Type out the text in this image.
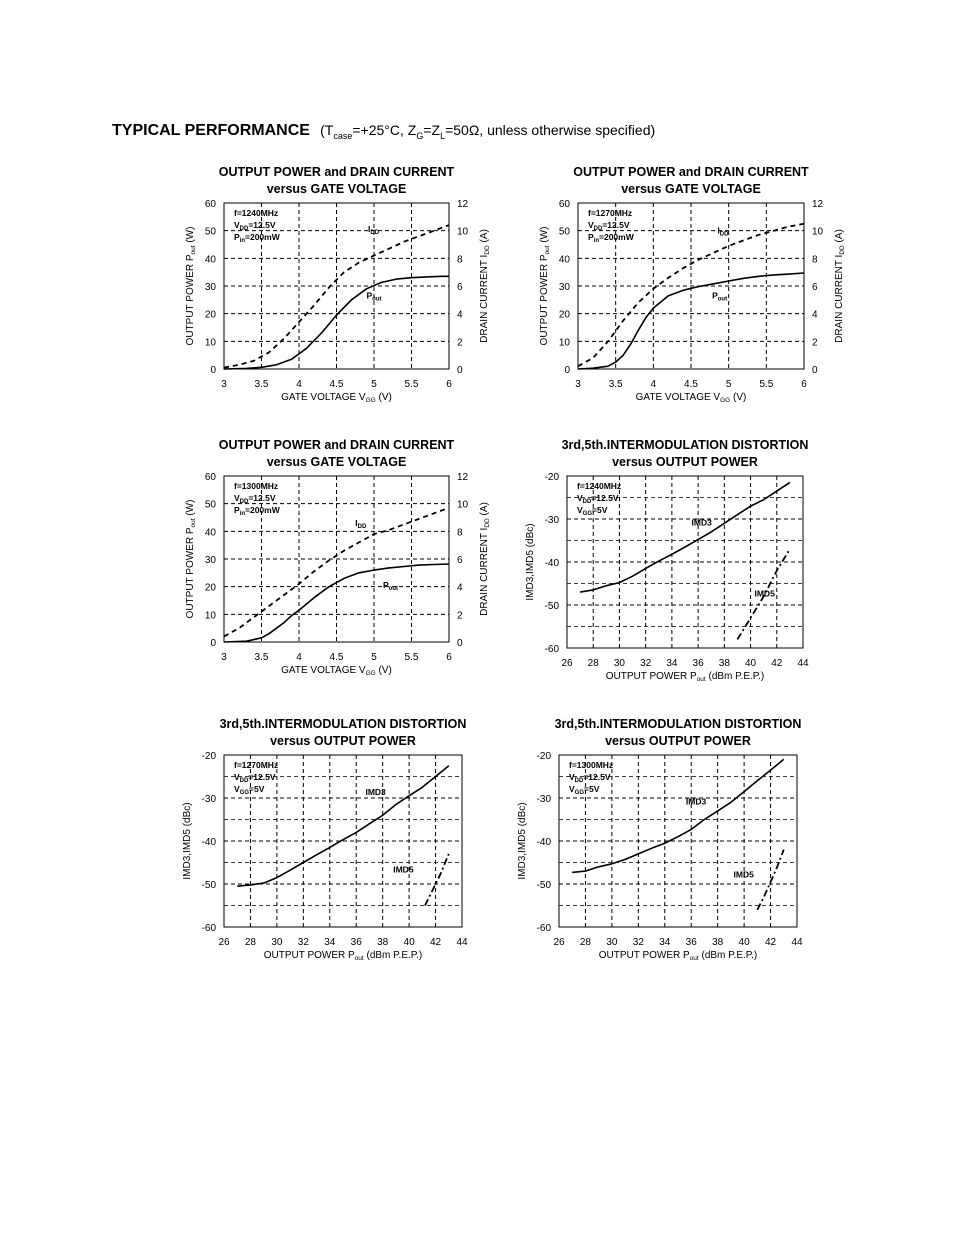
TYPICAL PERFORMANCE ($T_{case}=+25^\circ C$, $Z_G=Z_L=50\Omega$, unless otherwise specified)
OUTPUT POWER and DRAIN CURRENT
versus GATE VOLTAGE
3	3.5	4	4.5	5	5.5	6
0
10
20
30
40
50
60
0
2
4
6
8
10
12
GATE VOLTAGE $V_{GG}$ (V)
OUTPUT POWER $P_{out}$ (W)
DRAIN CURRENT $I_{DD}$ (A)
f=1240MHz
$V_{DD}=12.5V$
$P_{in}=200mW$
$P_{out}$
$I_{DD}$
OUTPUT POWER and DRAIN CURRENT
versus GATE VOLTAGE
3	3.5	4	4.5	5	5.5	6
0
10
20
30
40
50
60
0
2
4
6
8
10
12
GATE VOLTAGE $V_{GG}$ (V)
OUTPUT POWER $P_{out}$ (W)
DRAIN CURRENT $I_{DD}$ (A)
f=1270MHz
$V_{DD}=12.5V$
$P_{in}=200mW$
$P_{out}$
$I_{DD}$
OUTPUT POWER and DRAIN CURRENT
versus GATE VOLTAGE
3	3.5	4	4.5	5	5.5	6
0
10
20
30
40
50
60
0
2
4
6
8
10
12
GATE VOLTAGE $V_{GG}$ (V)
OUTPUT POWER $P_{out}$ (W)
DRAIN CURRENT $I_{DD}$ (A)
f=1300MHz
$V_{DD}=12.5V$
$P_{in}=200mW$
$P_{out}$
$I_{DD}$
3rd,5th.INTERMODULATION DISTORTION
versus OUTPUT POWER
26 28 30 32 34 36 38 40 42 44
-60
-50
-40
-30
-20
OUTPUT POWER $P_{out}$ (dBm P.E.P.)
IMD3,IMD5 (dBc)
f=1240MHz
$V_{DD}=12.5V$
$V_{GG}=5V$
IMD3
IMD5
3rd,5th.INTERMODULATION DISTORTION
versus OUTPUT POWER
26 28 30 32 34 36 38 40 42 44
-60
-50
-40
-30
-20
OUTPUT POWER $P_{out}$ (dBm P.E.P.)
IMD3,IMD5 (dBc)
f=1270MHz
$V_{DD}=12.5V$
$V_{GG}=5V$	IMD3
IMD5
3rd,5th.INTERMODULATION DISTORTION
versus OUTPUT POWER
26 28 30 32 34 36 38 40 42 44
-60
-50
-40
-30
-20
OUTPUT POWER $P_{out}$ (dBm P.E.P.)
IMD3,IMD5 (dBc)
f=1300MHz
$V_{DD}=12.5V$
$V_{GG}=5V$
IMD3
IMD5
